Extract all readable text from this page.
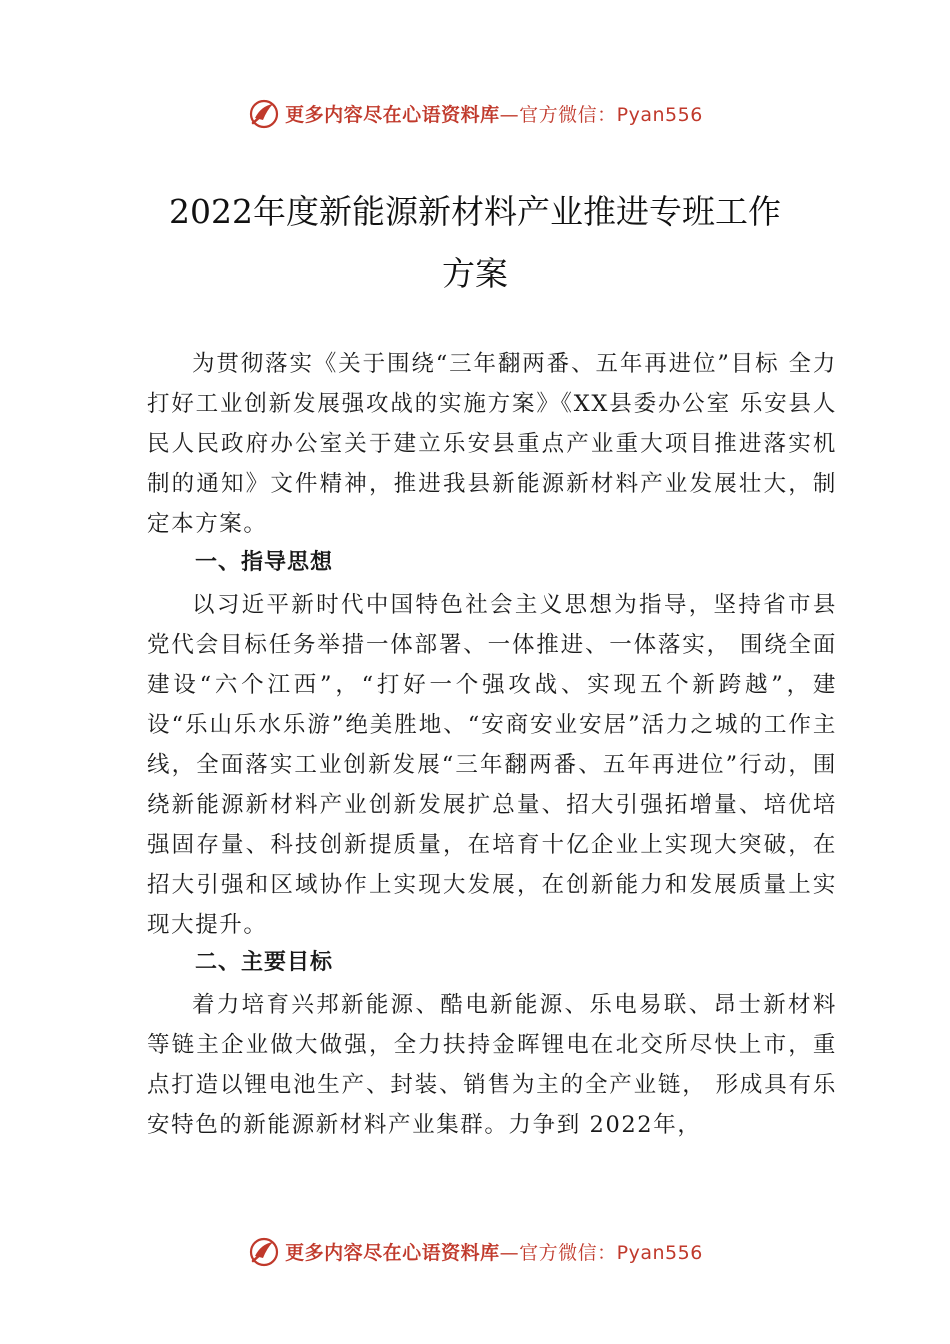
更多内容尽在心语资料库—官方微信：Pyan556
2022年度新能源新材料产业推进专班工作
方案

为贯彻落实《关于围绕“三年翻两番、五年再进位”目标 全力打好工业创新发展强攻战的实施方案》《XX县委办公室 乐安县人民人民政府办公室关于建立乐安县重点产业重大项目推进落实机制的通知》文件精神，推进我县新能源新材料产业发展壮大，制定本方案。

一、指导思想

以习近平新时代中国特色社会主义思想为指导，坚持省市县党代会目标任务举措一体部署、一体推进、一体落实， 围绕全面建设“六个江西”，“打好一个强攻战、实现五个新跨越”，建设“乐山乐水乐游”绝美胜地、“安商安业安居”活力之城的工作主线，全面落实工业创新发展“三年翻两番、五年再进位”行动，围绕新能源新材料产业创新发展扩总量、招大引强拓增量、培优培强固存量、科技创新提质量，在培育十亿企业上实现大突破，在招大引强和区域协作上实现大发展，在创新能力和发展质量上实现大提升。

二、主要目标

着力培育兴邦新能源、酷电新能源、乐电易联、昂士新材料等链主企业做大做强，全力扶持金晖锂电在北交所尽快上市，重点打造以锂电池生产、封装、销售为主的全产业链， 形成具有乐安特色的新能源新材料产业集群。力争到 2022年，

更多内容尽在心语资料库—官方微信：Pyan556
